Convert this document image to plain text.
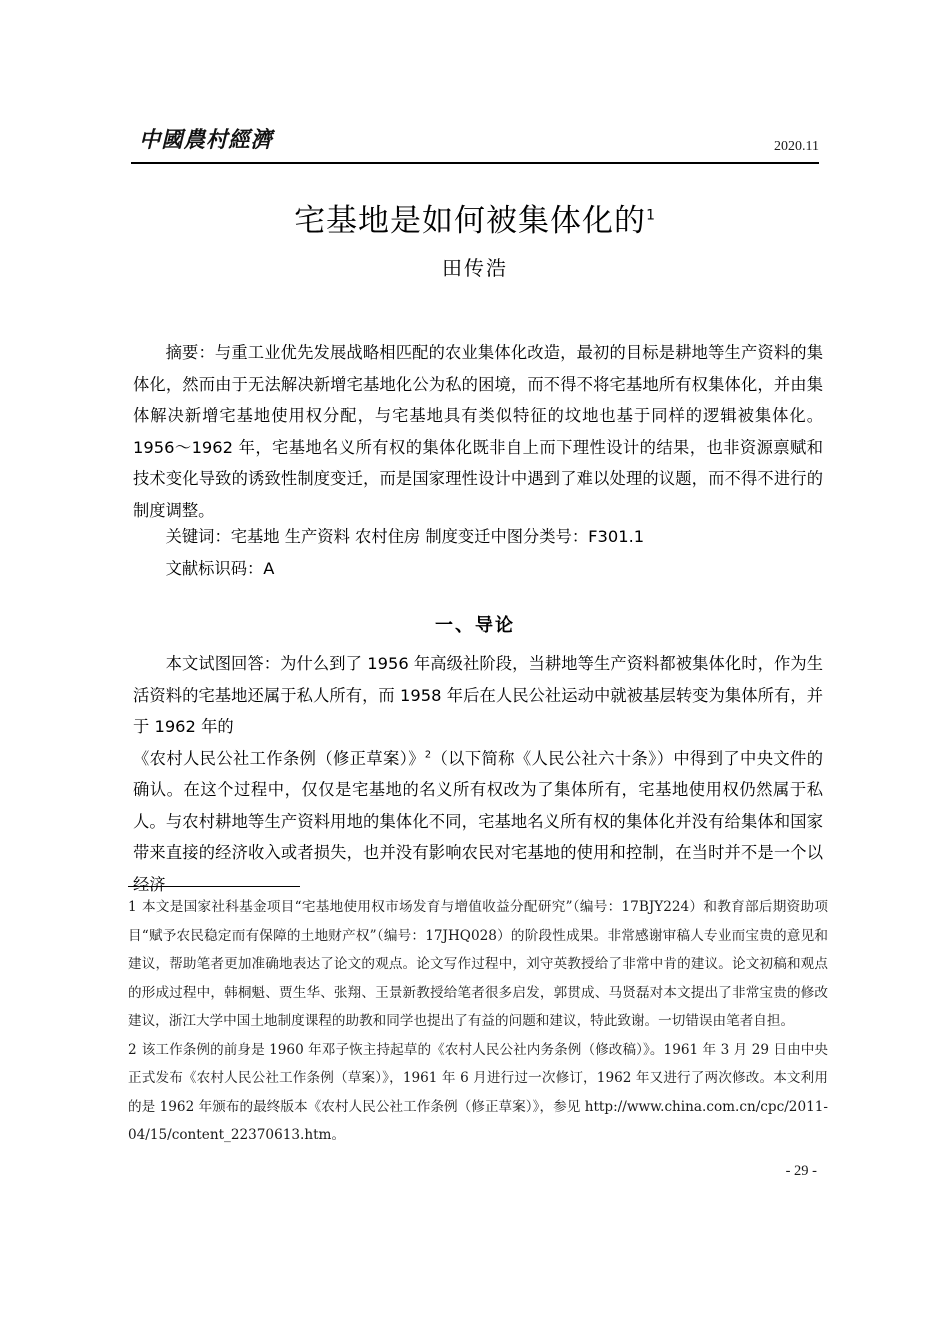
中國農村經濟	2020.11
宅基地是如何被集体化的$^1$
田传浩
摘要：与重工业优先发展战略相匹配的农业集体化改造，最初的目标是耕地等生产资料的集体化，然而由于无法解决新增宅基地化公为私的困境，而不得不将宅基地所有权集体化，并由集体解决新增宅基地使用权分配，与宅基地具有类似特征的坟地也基于同样的逻辑被集体化。1956～1962 年，宅基地名义所有权的集体化既非自上而下理性设计的结果，也非资源禀赋和技术变化导致的诱致性制度变迁，而是国家理性设计中遇到了难以处理的议题，而不得不进行的制度调整。
关键词：宅基地 生产资料 农村住房 制度变迁中图分类号：F301.1
文献标识码：A
一、导论

本文试图回答：为什么到了 1956 年高级社阶段，当耕地等生产资料都被集体化时，作为生活资料的宅基地还属于私人所有，而 1958 年后在人民公社运动中就被基层转变为集体所有，并于 1962 年的

《农村人民公社工作条例（修正草案）》$^2$（以下简称《人民公社六十条》）中得到了中央文件的确认。在这个过程中，仅仅是宅基地的名义所有权改为了集体所有，宅基地使用权仍然属于私人。与农村耕地等生产资料用地的集体化不同，宅基地名义所有权的集体化并没有给集体和国家带来直接的经济收入或者损失，也并没有影响农民对宅基地的使用和控制，在当时并不是一个以经济

1 本文是国家社科基金项目“宅基地使用权市场发育与增值收益分配研究”（编号：17BJY224）和教育部后期资助项目“赋予农民稳定而有保障的土地财产权”（编号：17JHQ028）的阶段性成果。非常感谢审稿人专业而宝贵的意见和建议，帮助笔者更加准确地表达了论文的观点。论文写作过程中，刘守英教授给了非常中肯的建议。论文初稿和观点的形成过程中，韩桐魁、贾生华、张翔、王景新教授给笔者很多启发，郭贯成、马贤磊对本文提出了非常宝贵的修改建议，浙江大学中国土地制度课程的助教和同学也提出了有益的问题和建议，特此致谢。一切错误由笔者自担。

2 该工作条例的前身是 1960 年邓子恢主持起草的《农村人民公社内务条例（修改稿）》。1961 年 3 月 29 日由中央正式发布《农村人民公社工作条例（草案）》，1961 年 6 月进行过一次修订，1962 年又进行了两次修改。本文利用的是 1962 年颁布的最终版本《农村人民公社工作条例（修正草案）》，参见 http://www.china.com.cn/cpc/2011-04/15/content_22370613.htm。

- 29 -
